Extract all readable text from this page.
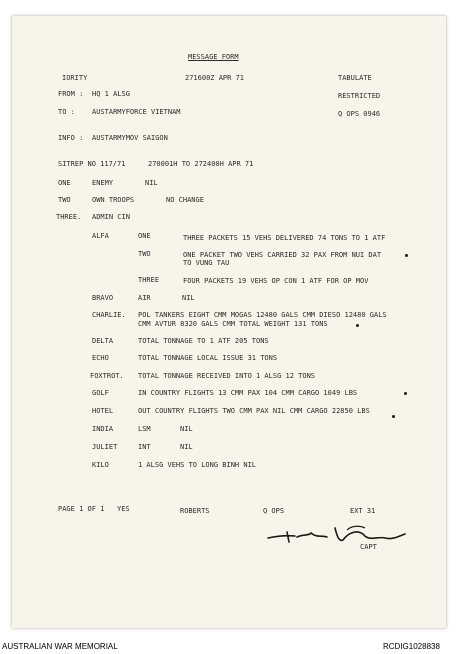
MESSAGE FORM
IORITY	271600Z APR 71	TABULATE
FROM : HQ 1 ALSG	RESTRICTED
TO : AUSTARMYFORCE VIETNAM	Q OPS 0946
INFO : AUSTARMYMOV SAIGON
SITREP NO 117/71	270001H TO 272400H APR 71
ONE	ENEMY	NIL
TWO	OWN TROOPS	NO CHANGE
THREE. ADMIN CIN
ALFA	ONE	THREE PACKETS 15 VEHS DELIVERED 74 TONS TO 1 ATF
TWO	ONE PACKET TWO VEHS CARRIED 32 PAX FROM NUI DAT
TO VUNG TAU
THREE	FOUR PACKETS 19 VEHS OP CON 1 ATF FOR OP MOV
BRAVO	AIR	NIL
CHARLIE. POL TANKERS EIGHT CMM MOGAS 12480 GALS CMM DIESO 12480 GALS
CMM AVTUR 8320 GALS CMM TOTAL WEIGHT 131 TONS
DELTA	TOTAL TONNAGE TO 1 ATF 205 TONS
ECHO	TOTAL TONNAGE LOCAL ISSUE 31 TONS
FOXTROT. TOTAL TONNAGE RECEIVED INTO 1 ALSG 12 TONS
GOLF	IN COUNTRY FLIGHTS 13 CMM PAX 104 CMM CARGO 1049 LBS
HOTEL	OUT COUNTRY FLIGHTS TWO CMM PAX NIL CMM CARGO 22850 LBS
INDIA	LSM	NIL
JULIET	INT	NIL
KILO	1 ALSG VEHS TO LONG BINH NIL
PAGE 1 OF 1 YES	ROBERTS	Q OPS	EXT 31
CAPT
AUSTRALIAN WAR MEMORIAL	RCDIG1028838
